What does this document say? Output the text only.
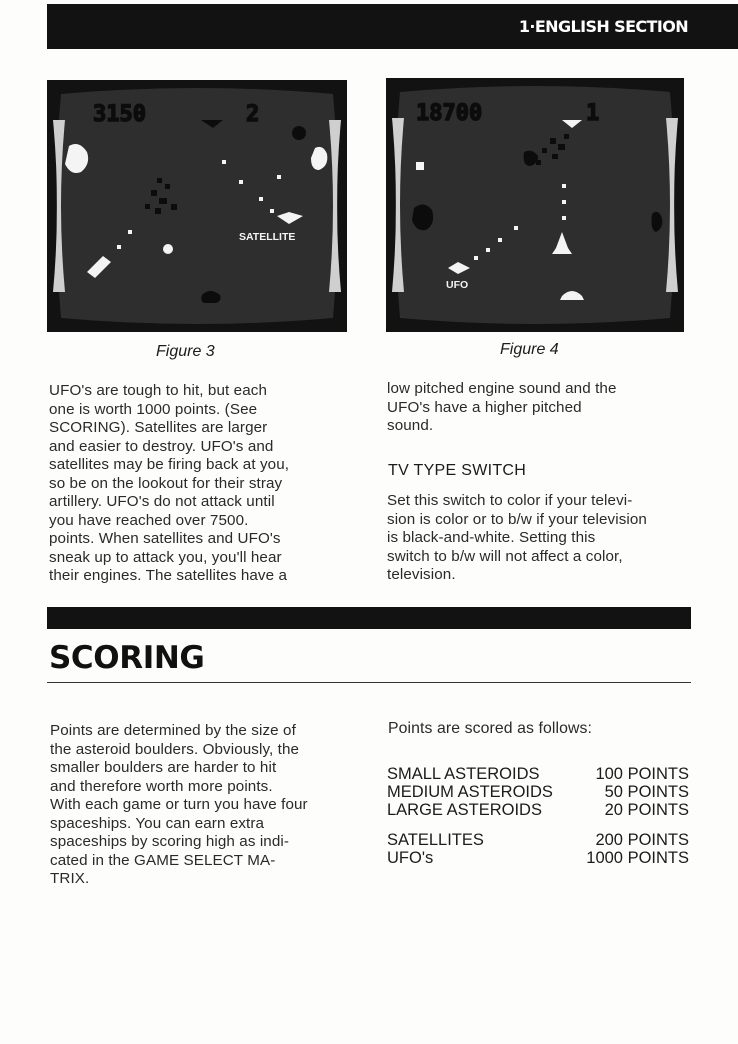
1·ENGLISH SECTION
3150	2
SATELLITE
Figure 3
18700	1
UFO
Figure 4
UFO's are tough to hit, but each
one is worth 1000 points. (See
SCORING). Satellites are larger
and easier to destroy. UFO's and
satellites may be firing back at you,
so be on the lookout for their stray
artillery. UFO's do not attack until
you have reached over 7500.
points. When satellites and UFO's
sneak up to attack you, you'll hear
their engines. The satellites have a
low pitched engine sound and the
UFO's have a higher pitched
sound.
TV TYPE SWITCH
Set this switch to color if your televi-
sion is color or to b/w if your television
is black-and-white. Setting this
switch to b/w will not affect a color,
television.
SCORING
Points are determined by the size of
the asteroid boulders. Obviously, the
smaller boulders are harder to hit
and therefore worth more points.
With each game or turn you have four
spaceships. You can earn extra
spaceships by scoring high as indi-
cated in the GAME SELECT MA-
TRIX.
Points are scored as follows:
SMALL ASTEROIDS	100 POINTS
MEDIUM ASTEROIDS	50 POINTS
LARGE ASTEROIDS	20 POINTS
SATELLITES	200 POINTS
UFO's	1000 POINTS
